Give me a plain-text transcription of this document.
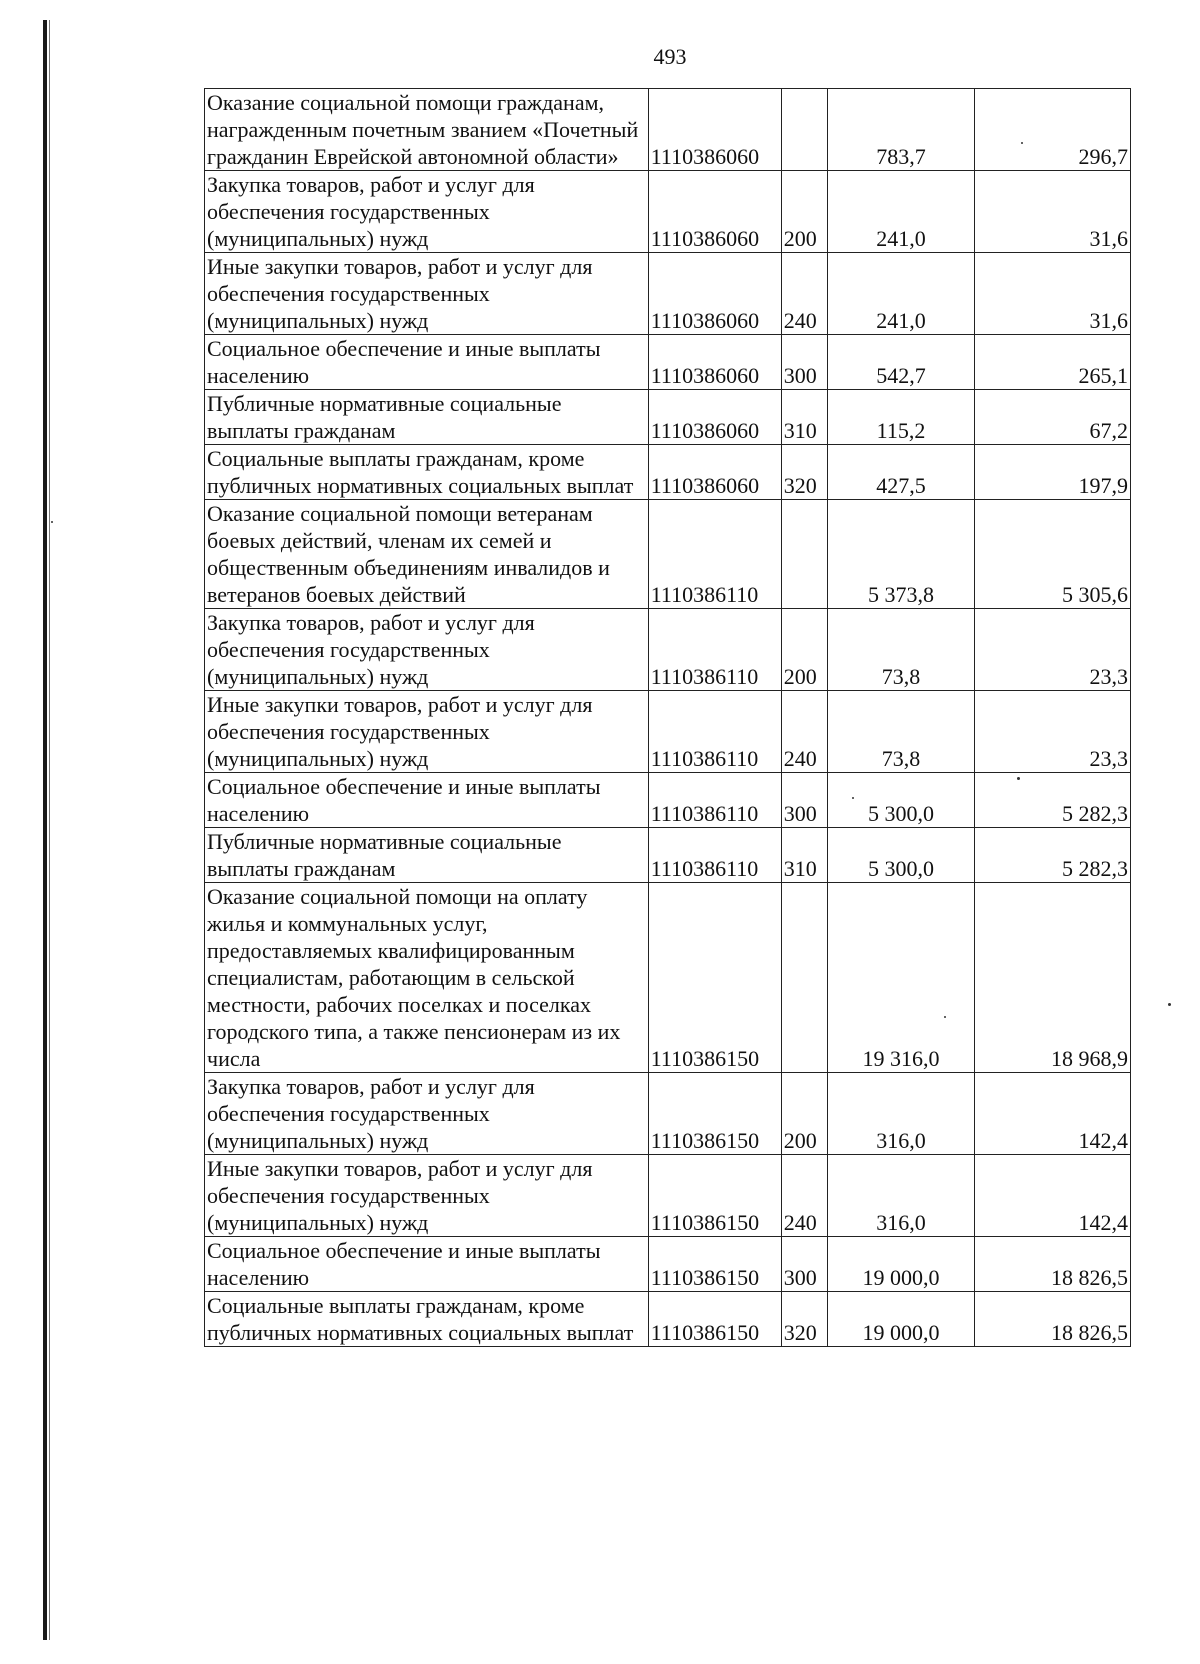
493
Оказание социальной помощи гражданам, награжденным почетным званием «Почетный гражданин Еврейской автономной области»	1110386060		783,7	296,7
Закупка товаров, работ и услуг для обеспечения государственных (муниципальных) нужд	1110386060	200	241,0	31,6
Иные закупки товаров, работ и услуг для обеспечения государственных (муниципальных) нужд	1110386060	240	241,0	31,6
Социальное обеспечение и иные выплаты населению	1110386060	300	542,7	265,1
Публичные нормативные социальные выплаты гражданам	1110386060	310	115,2	67,2
Социальные выплаты гражданам, кроме публичных нормативных социальных выплат	1110386060	320	427,5	197,9
Оказание социальной помощи ветеранам боевых действий, членам их семей и общественным объединениям инвалидов и ветеранов боевых действий	1110386110		5 373,8	5 305,6
Закупка товаров, работ и услуг для обеспечения государственных (муниципальных) нужд	1110386110	200	73,8	23,3
Иные закупки товаров, работ и услуг для обеспечения государственных (муниципальных) нужд	1110386110	240	73,8	23,3
Социальное обеспечение и иные выплаты населению	1110386110	300	5 300,0	5 282,3
Публичные нормативные социальные выплаты гражданам	1110386110	310	5 300,0	5 282,3
Оказание социальной помощи на оплату жилья и коммунальных услуг, предоставляемых квалифицированным специалистам, работающим в сельской местности, рабочих поселках и поселках городского типа, а также пенсионерам из их числа	1110386150		19 316,0	18 968,9
Закупка товаров, работ и услуг для обеспечения государственных (муниципальных) нужд	1110386150	200	316,0	142,4
Иные закупки товаров, работ и услуг для обеспечения государственных (муниципальных) нужд	1110386150	240	316,0	142,4
Социальное обеспечение и иные выплаты населению	1110386150	300	19 000,0	18 826,5
Социальные выплаты гражданам, кроме публичных нормативных социальных выплат	1110386150	320	19 000,0	18 826,5
